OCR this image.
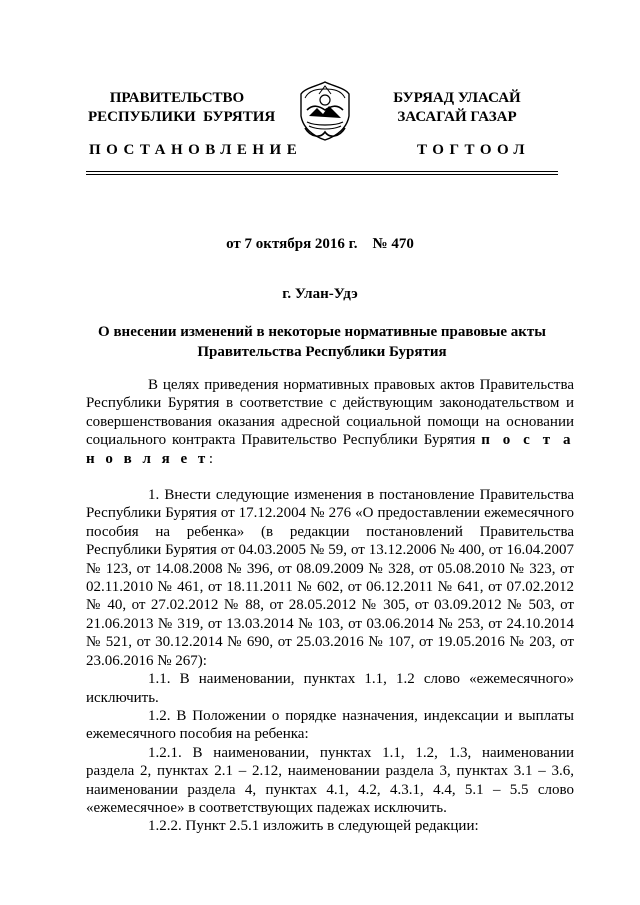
ПРАВИТЕЛЬСТВО
РЕСПУБЛИКИ  БУРЯТИЯ
БУРЯАД УЛАСАЙ
ЗАСАГАЙ ГАЗАР
ПОСТАНОВЛЕНИЕ	ТОГТООЛ
от 7 октября 2016 г.    № 470
г. Улан-Удэ
О внесении изменений в некоторые нормативные правовые акты
Правительства Республики Бурятия

В целях приведения нормативных правовых актов Правительства Республики Бурятия в соответствие с действующим законодательством и совершенствования оказания адресной социальной помощи на основании социального контракта Правительство Республики Бурятия п о с т а н о в л я е т:

1. Внести следующие изменения в постановление Правительства Республики Бурятия от 17.12.2004 № 276 «О предоставлении ежемесячного пособия на ребенка» (в редакции постановлений Правительства Республики Бурятия от 04.03.2005 № 59, от 13.12.2006 № 400, от 16.04.2007 № 123, от 14.08.2008 № 396, от 08.09.2009 № 328, от 05.08.2010 № 323, от 02.11.2010 № 461, от 18.11.2011 № 602, от 06.12.2011 № 641, от 07.02.2012 № 40, от 27.02.2012 № 88, от 28.05.2012 № 305, от 03.09.2012 № 503, от 21.06.2013 № 319, от 13.03.2014 № 103, от 03.06.2014 № 253, от 24.10.2014 № 521, от 30.12.2014 № 690, от 25.03.2016 № 107, от 19.05.2016 № 203, от 23.06.2016 № 267):

1.1. В наименовании, пунктах 1.1, 1.2 слово «ежемесячного» исключить.

1.2. В Положении о порядке назначения, индексации и выплаты ежемесячного пособия на ребенка:

1.2.1. В наименовании, пунктах 1.1, 1.2, 1.3, наименовании раздела 2, пунктах 2.1 – 2.12, наименовании раздела 3, пунктах 3.1 – 3.6, наименовании раздела 4, пунктах 4.1, 4.2, 4.3.1, 4.4, 5.1 – 5.5 слово «ежемесячное» в соответствующих падежах исключить.

1.2.2. Пункт 2.5.1 изложить в следующей редакции:
